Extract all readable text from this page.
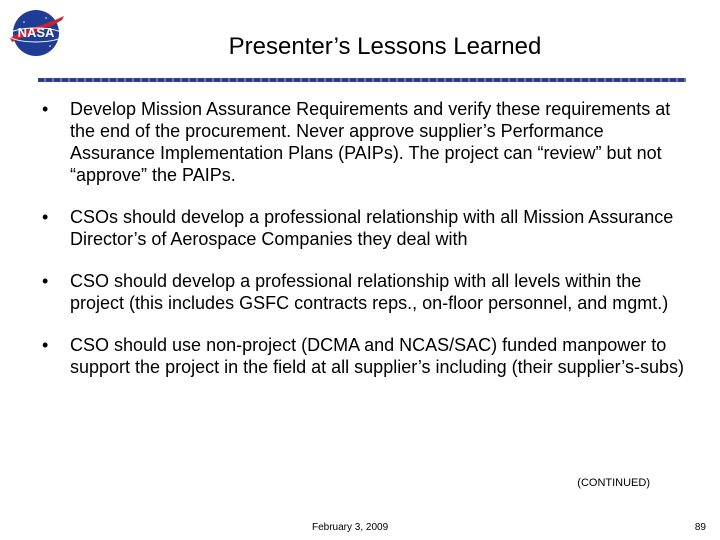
NASA
Presenter’s Lessons Learned
• Develop Mission Assurance Requirements and verify these requirements at the end of the procurement. Never approve supplier’s Performance Assurance Implementation Plans (PAIPs). The project can “review” but not “approve” the PAIPs.
• CSOs should develop a professional relationship with all Mission Assurance Director’s of Aerospace Companies they deal with
• CSO should develop a professional relationship with all levels within the project (this includes GSFC contracts reps., on-floor personnel, and mgmt.)
• CSO should use non-project (DCMA and NCAS/SAC) funded manpower to support the project in the field at all supplier’s including (their supplier’s-subs)
(CONTINUED)
February 3, 2009	89
